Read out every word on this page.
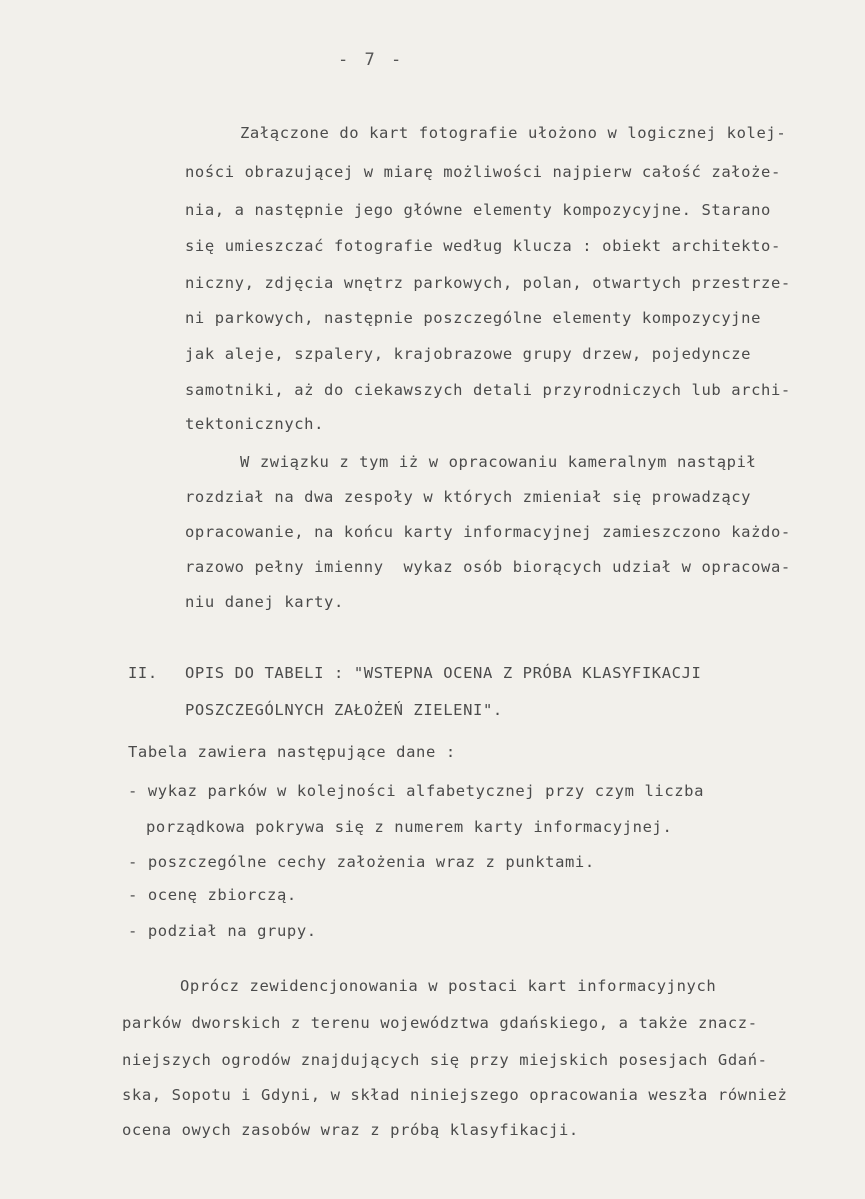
- 7 -
Załączone do kart fotografie ułożono w logicznej kolej-
ności obrazującej w miarę możliwości najpierw całość założe-
nia, a następnie jego główne elementy kompozycyjne. Starano
się umieszczać fotografie według klucza : obiekt architekto-
niczny, zdjęcia wnętrz parkowych, polan, otwartych przestrze-
ni parkowych, następnie poszczególne elementy kompozycyjne
jak aleje, szpalery, krajobrazowe grupy drzew, pojedyncze
samotniki, aż do ciekawszych detali przyrodniczych lub archi-
tektonicznych.
W związku z tym iż w opracowaniu kameralnym nastąpił
rozdział na dwa zespoły w których zmieniał się prowadzący
opracowanie, na końcu karty informacyjnej zamieszczono każdo-
razowo pełny imienny  wykaz osób biorących udział w opracowa-
niu danej karty.
II. OPIS DO TABELI : "WSTEPNA OCENA Z PRÓBA KLASYFIKACJI
POSZCZEGÓLNYCH ZAŁOŻEŃ ZIELENI".
Tabela zawiera następujące dane :
- wykaz parków w kolejności alfabetycznej przy czym liczba
porządkowa pokrywa się z numerem karty informacyjnej.
- poszczególne cechy założenia wraz z punktami.
- ocenę zbiorczą.
- podział na grupy.
Oprócz zewidencjonowania w postaci kart informacyjnych
parków dworskich z terenu województwa gdańskiego, a także znacz-
niejszych ogrodów znajdujących się przy miejskich posesjach Gdań-
ska, Sopotu i Gdyni, w skład niniejszego opracowania weszła również
ocena owych zasobów wraz z próbą klasyfikacji.
